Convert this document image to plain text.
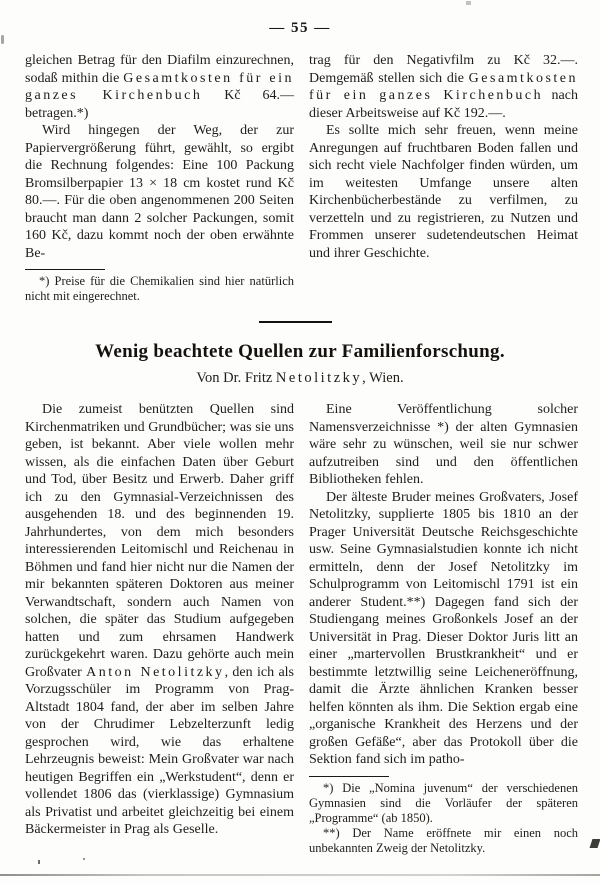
— 55 —

gleichen Betrag für den Diafilm einzurechnen, sodaß mithin die Gesamtkosten für ein ganzes Kirchenbuch Kč 64.— betragen.*)

Wird hingegen der Weg, der zur Papiervergrößerung führt, gewählt, so ergibt die Rechnung folgendes: Eine 100 Packung Bromsilberpapier 13 × 18 cm kostet rund Kč 80.—. Für die oben angenommenen 200 Seiten braucht man dann 2 solcher Packungen, somit 160 Kč, dazu kommt noch der oben erwähnte Be-

*) Preise für die Chemikalien sind hier natürlich nicht mit eingerechnet.

trag für den Negativfilm zu Kč 32.—. Demgemäß stellen sich die Gesamtkosten für ein ganzes Kirchenbuch nach dieser Arbeitsweise auf Kč 192.—.

Es sollte mich sehr freuen, wenn meine Anregungen auf fruchtbaren Boden fallen und sich recht viele Nachfolger finden würden, um im weitesten Umfange unsere alten Kirchenbücherbestände zu verfilmen, zu verzetteln und zu registrieren, zu Nutzen und Frommen unserer sudetendeutschen Heimat und ihrer Geschichte.

Wenig beachtete Quellen zur Familienforschung.

Von Dr. Fritz Netolitzky, Wien.

Die zumeist benützten Quellen sind Kirchenmatriken und Grundbücher; was sie uns geben, ist bekannt. Aber viele wollen mehr wissen, als die einfachen Daten über Geburt und Tod, über Besitz und Erwerb. Daher griff ich zu den Gymnasial-Verzeichnissen des ausgehenden 18. und des beginnenden 19. Jahrhundertes, von dem mich besonders interessierenden Leitomischl und Reichenau in Böhmen und fand hier nicht nur die Namen der mir bekannten späteren Doktoren aus meiner Verwandtschaft, sondern auch Namen von solchen, die später das Studium aufgegeben hatten und zum ehrsamen Handwerk zurückgekehrt waren. Dazu gehörte auch mein Großvater Anton Netolitzky, den ich als Vorzugsschüler im Programm von Prag-Altstadt 1804 fand, der aber im selben Jahre von der Chrudimer Lebzelterzunft ledig gesprochen wird, wie das erhaltene Lehrzeugnis beweist: Mein Großvater war nach heutigen Begriffen ein „Werkstudent“, denn er vollendet 1806 das (vierklassige) Gymnasium als Privatist und arbeitet gleichzeitig bei einem Bäckermeister in Prag als Geselle.

Eine Veröffentlichung solcher Namensverzeichnisse *) der alten Gymnasien wäre sehr zu wünschen, weil sie nur schwer aufzutreiben sind und den öffentlichen Bibliotheken fehlen.

Der älteste Bruder meines Großvaters, Josef Netolitzky, supplierte 1805 bis 1810 an der Prager Universität Deutsche Reichsgeschichte usw. Seine Gymnasialstudien konnte ich nicht ermitteln, denn der Josef Netolitzky im Schulprogramm von Leitomischl 1791 ist ein anderer Student.**) Dagegen fand sich der Studiengang meines Großonkels Josef an der Universität in Prag. Dieser Doktor Juris litt an einer „martervollen Brustkrankheit“ und er bestimmte letztwillig seine Leicheneröffnung, damit die Ärzte ähnlichen Kranken besser helfen könnten als ihm. Die Sektion ergab eine „organische Krankheit des Herzens und der großen Gefäße“, aber das Protokoll über die Sektion fand sich im patho-

*) Die „Nomina juvenum“ der verschiedenen Gymnasien sind die Vorläufer der späteren „Programme“ (ab 1850).

**) Der Name eröffnete mir einen noch unbekannten Zweig der Netolitzky.
